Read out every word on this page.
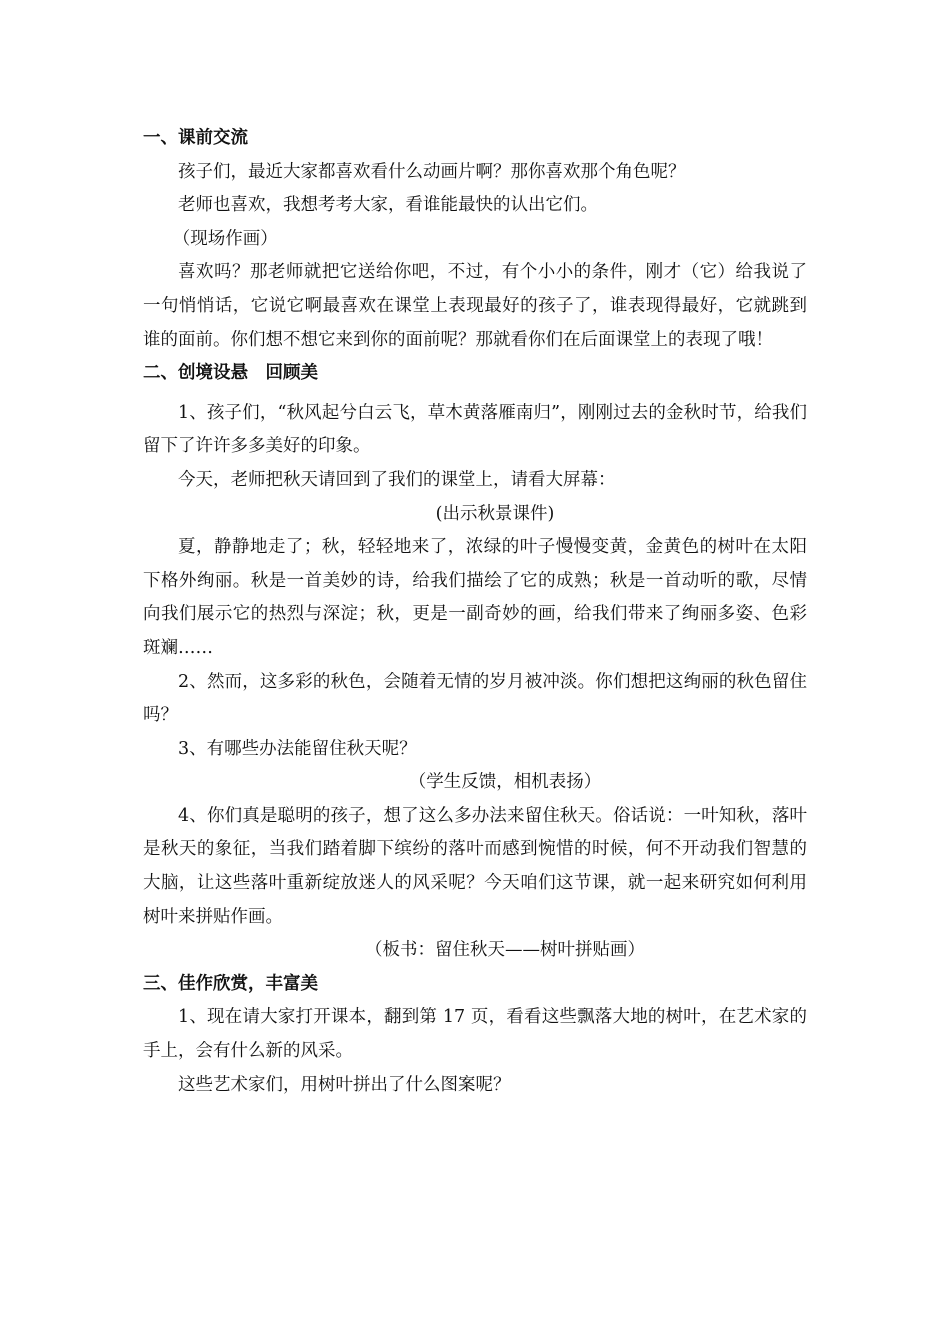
一、课前交流

孩子们，最近大家都喜欢看什么动画片啊？那你喜欢那个角色呢？

老师也喜欢，我想考考大家，看谁能最快的认出它们。

（现场作画）

喜欢吗？那老师就把它送给你吧，不过，有个小小的条件，刚才（它）给我说了一句悄悄话，它说它啊最喜欢在课堂上表现最好的孩子了，谁表现得最好，它就跳到谁的面前。你们想不想它来到你的面前呢？那就看你们在后面课堂上的表现了哦！

二、创境设悬　回顾美

1、孩子们，“秋风起兮白云飞，草木黄落雁南归”，刚刚过去的金秋时节，给我们留下了许许多多美好的印象。

今天，老师把秋天请回到了我们的课堂上，请看大屏幕：

(出示秋景课件)

夏，静静地走了；秋，轻轻地来了，浓绿的叶子慢慢变黄，金黄色的树叶在太阳下格外绚丽。秋是一首美妙的诗，给我们描绘了它的成熟；秋是一首动听的歌，尽情向我们展示它的热烈与深淀；秋，更是一副奇妙的画，给我们带来了绚丽多姿、色彩斑斓……

2、然而，这多彩的秋色，会随着无情的岁月被冲淡。你们想把这绚丽的秋色留住吗？

3、有哪些办法能留住秋天呢？

（学生反馈，相机表扬）

4、你们真是聪明的孩子，想了这么多办法来留住秋天。俗话说：一叶知秋，落叶是秋天的象征，当我们踏着脚下缤纷的落叶而感到惋惜的时候，何不开动我们智慧的大脑，让这些落叶重新绽放迷人的风采呢？今天咱们这节课，就一起来研究如何利用树叶来拼贴作画。

（板书：留住秋天——树叶拼贴画）

三、佳作欣赏，丰富美

1、现在请大家打开课本，翻到第 17 页，看看这些飘落大地的树叶，在艺术家的手上，会有什么新的风采。

这些艺术家们，用树叶拼出了什么图案呢？
